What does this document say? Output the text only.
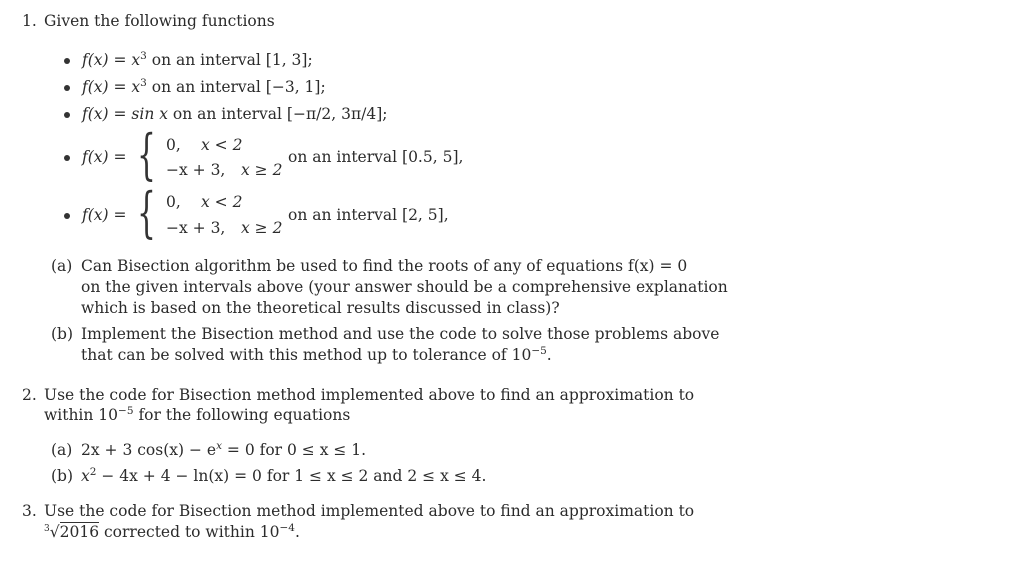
1. Given the following functions
$f(x) = x^3$ on an interval [1, 3];
$f(x) = x^3$ on an interval [−3, 1];
f(x) = sin x on an interval [−π/2, 3π/4];
f(x) = { 0, x < 2
−x + 3, x ≥ 2
on an interval [0.5, 5],
f(x) = { 0, x < 2
−x + 3, x ≥ 2
on an interval [2, 5],
(a) Can Bisection algorithm be used to find the roots of any of equations f(x) = 0
on the given intervals above (your answer should be a comprehensive explanation
which is based on the theoretical results discussed in class)?
(b) Implement the Bisection method and use the code to solve those problems above
that can be solved with this method up to tolerance of $10^{-5}$.
2. Use the code for Bisection method implemented above to find an approximation to
within $10^{-5}$ for the following equations
(a) 2x + 3 $\cos(x) - e^x = 0$ for 0 ≤ x ≤ 1.
(b) $x^2 - 4x + 4 - \ln(x) = 0$ for 1 ≤ x ≤ 2 and 2 ≤ x ≤ 4.
3. Use the code for Bisection method implemented above to find an approximation to
$^3$√2016 corrected to within $10^{-4}$.
